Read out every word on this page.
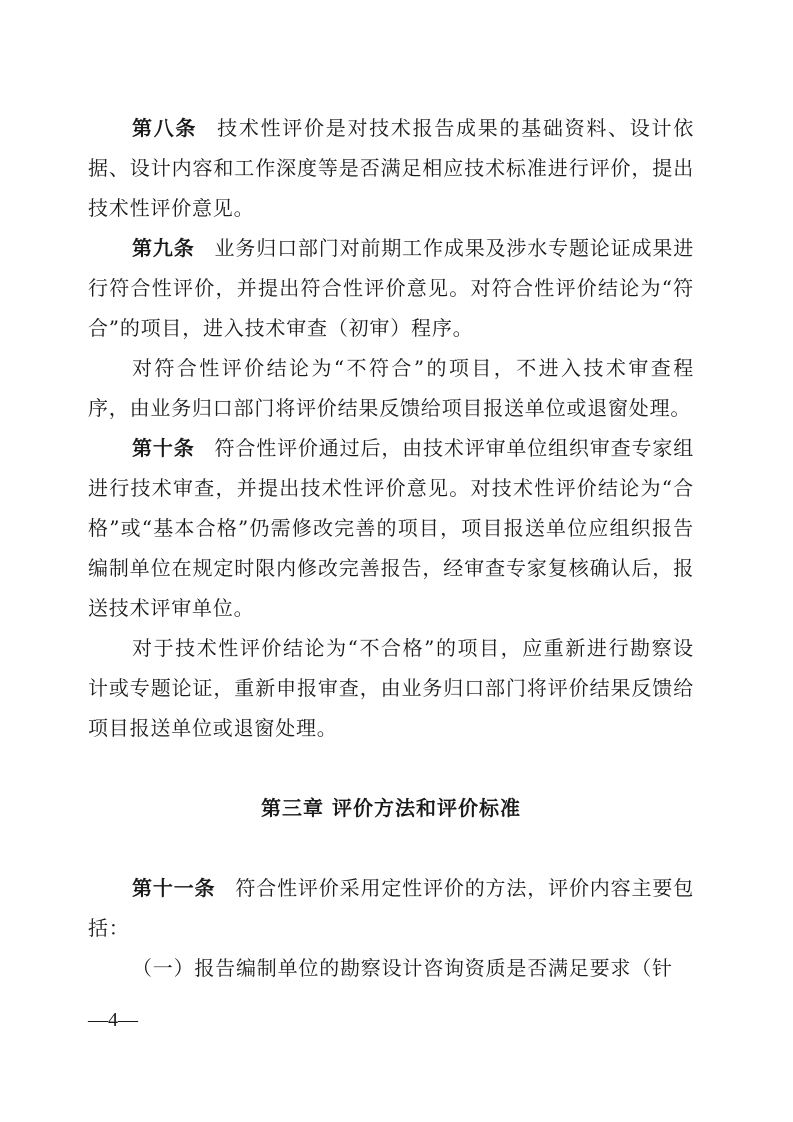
第八条 技术性评价是对技术报告成果的基础资料、设计依据、设计内容和工作深度等是否满足相应技术标准进行评价，提出技术性评价意见。

第九条 业务归口部门对前期工作成果及涉水专题论证成果进行符合性评价，并提出符合性评价意见。对符合性评价结论为“符合”的项目，进入技术审查（初审）程序。

对符合性评价结论为“不符合”的项目，不进入技术审查程序，由业务归口部门将评价结果反馈给项目报送单位或退窗处理。

第十条 符合性评价通过后，由技术评审单位组织审查专家组进行技术审查，并提出技术性评价意见。对技术性评价结论为“合格”或“基本合格”仍需修改完善的项目，项目报送单位应组织报告编制单位在规定时限内修改完善报告，经审查专家复核确认后，报送技术评审单位。

对于技术性评价结论为“不合格”的项目，应重新进行勘察设计或专题论证，重新申报审查，由业务归口部门将评价结果反馈给项目报送单位或退窗处理。

第三章 评价方法和评价标准

第十一条 符合性评价采用定性评价的方法，评价内容主要包括：

（一）报告编制单位的勘察设计咨询资质是否满足要求（针

—4—
